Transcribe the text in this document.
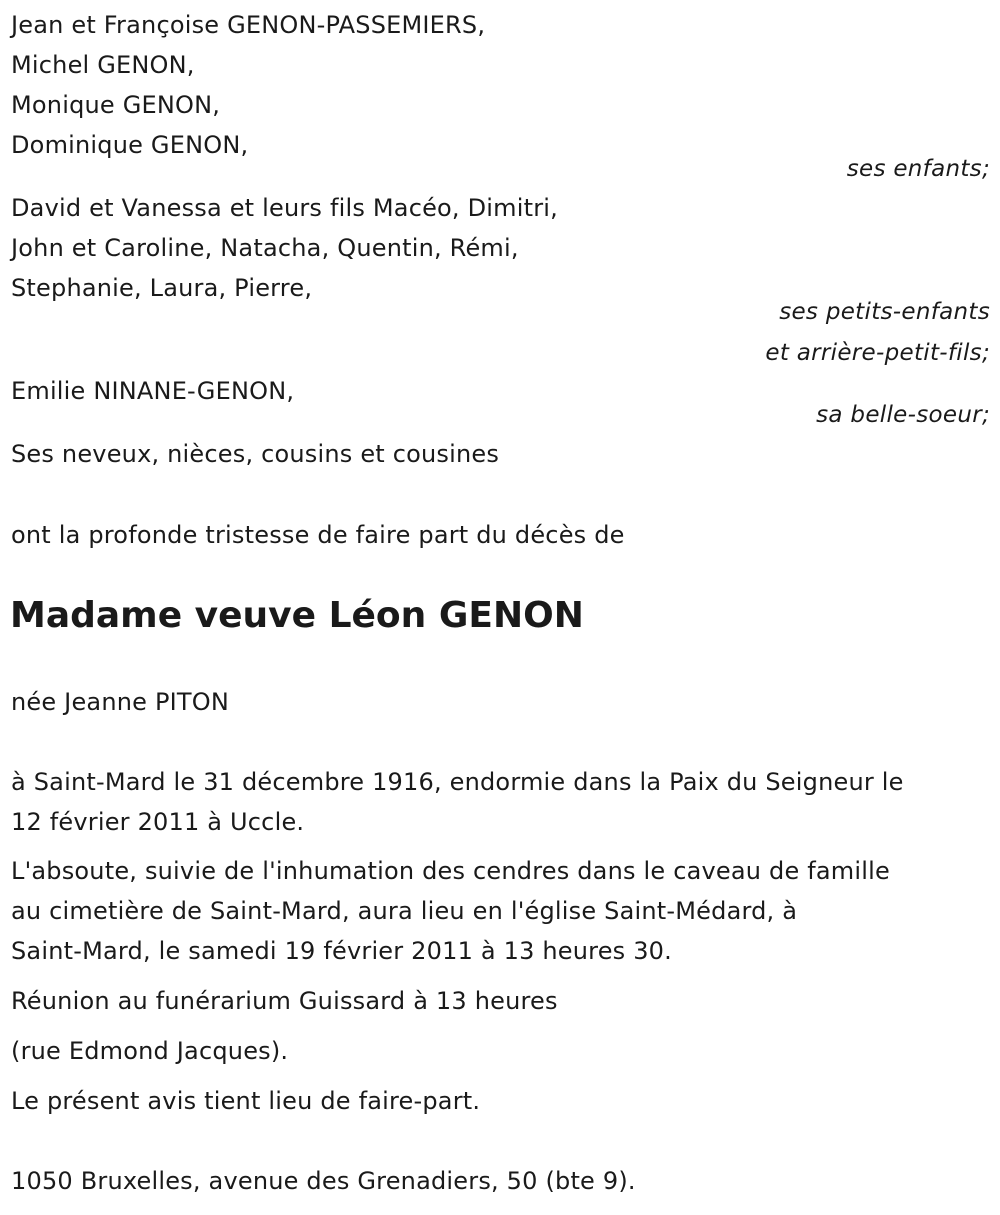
Jean et Françoise GENON-PASSEMIERS,
Michel GENON,
Monique GENON,
Dominique GENON,
ses enfants;
David et Vanessa et leurs fils Macéo, Dimitri,
John et Caroline, Natacha, Quentin, Rémi,
Stephanie, Laura, Pierre,
ses petits-enfants
et arrière-petit-fils;
Emilie NINANE-GENON,
sa belle-soeur;
Ses neveux, nièces, cousins et cousines
ont la profonde tristesse de faire part du décès de
Madame veuve Léon GENON
née Jeanne PITON
à Saint-Mard le 31 décembre 1916, endormie dans la Paix du Seigneur le
12 février 2011 à Uccle.
L'absoute, suivie de l'inhumation des cendres dans le caveau de famille
au cimetière de Saint-Mard, aura lieu en l'église Saint-Médard, à
Saint-Mard, le samedi 19 février 2011 à 13 heures 30.
Réunion au funérarium Guissard à 13 heures
(rue Edmond Jacques).
Le présent avis tient lieu de faire-part.
1050 Bruxelles, avenue des Grenadiers, 50 (bte 9).
